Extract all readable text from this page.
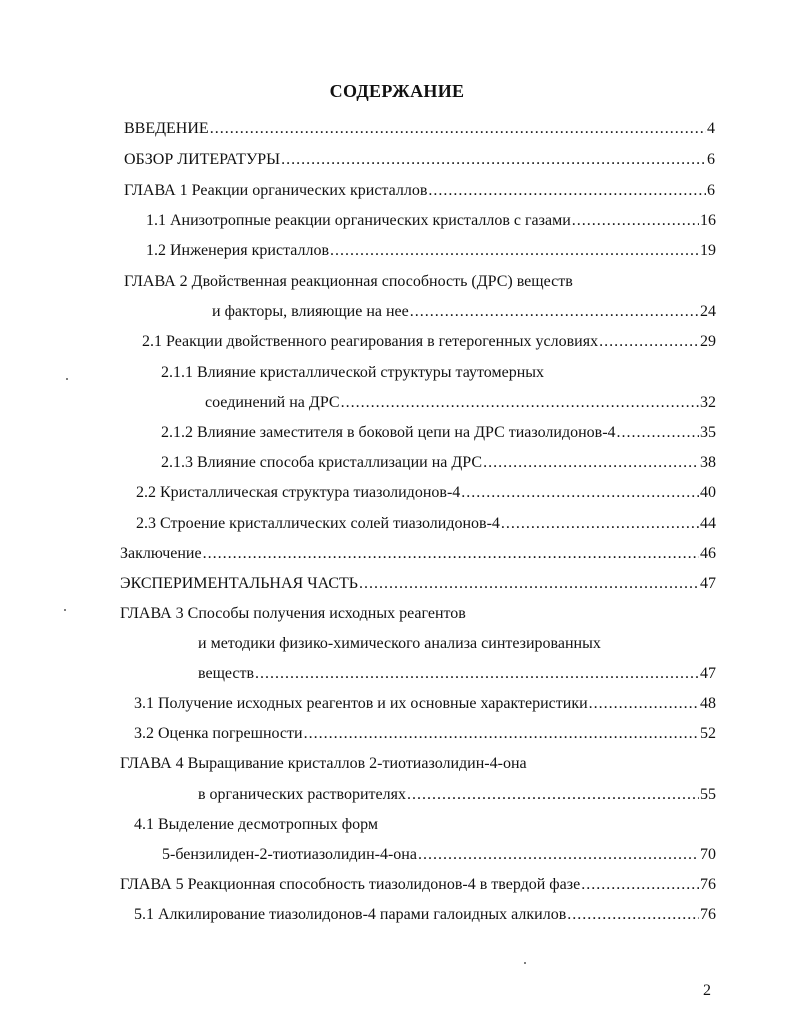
СОДЕРЖАНИЕ
ВВЕДЕНИЕ .....	4
ОБЗОР ЛИТЕРАТУРЫ .....	6
ГЛАВА 1 Реакции органических кристаллов .....	6
1.1 Анизотропные реакции органических кристаллов с газами .....	16
1.2 Инженерия кристаллов .....	19
ГЛАВА 2 Двойственная реакционная способность (ДРС) веществ
и факторы, влияющие на нее .....	24
2.1 Реакции двойственного реагирования в гетерогенных условиях .....	29
2.1.1 Влияние кристаллической структуры таутомерных
соединений на ДРС .....	32
2.1.2 Влияние заместителя в боковой цепи на ДРС тиазолидонов-4 .....	35
2.1.3 Влияние способа кристаллизации на ДРС .....	38
2.2 Кристаллическая структура тиазолидонов-4 .....	40
2.3 Строение кристаллических солей тиазолидонов-4 .....	44
Заключение .....	46
ЭКСПЕРИМЕНТАЛЬНАЯ ЧАСТЬ .....	47
ГЛАВА 3 Способы получения исходных реагентов
и методики физико-химического анализа синтезированных
веществ .....	47
3.1 Получение исходных реагентов и их основные характеристики .....	48
3.2 Оценка погрешности .....	52
ГЛАВА 4 Выращивание кристаллов 2-тиотиазолидин-4-она
в органических растворителях .....	55
4.1 Выделение десмотропных форм
5-бензилиден-2-тиотиазолидин-4-она .....	70
ГЛАВА 5 Реакционная способность тиазолидонов-4 в твердой фазе .....	76
5.1 Алкилирование тиазолидонов-4 парами галоидных алкилов .....	76
2
